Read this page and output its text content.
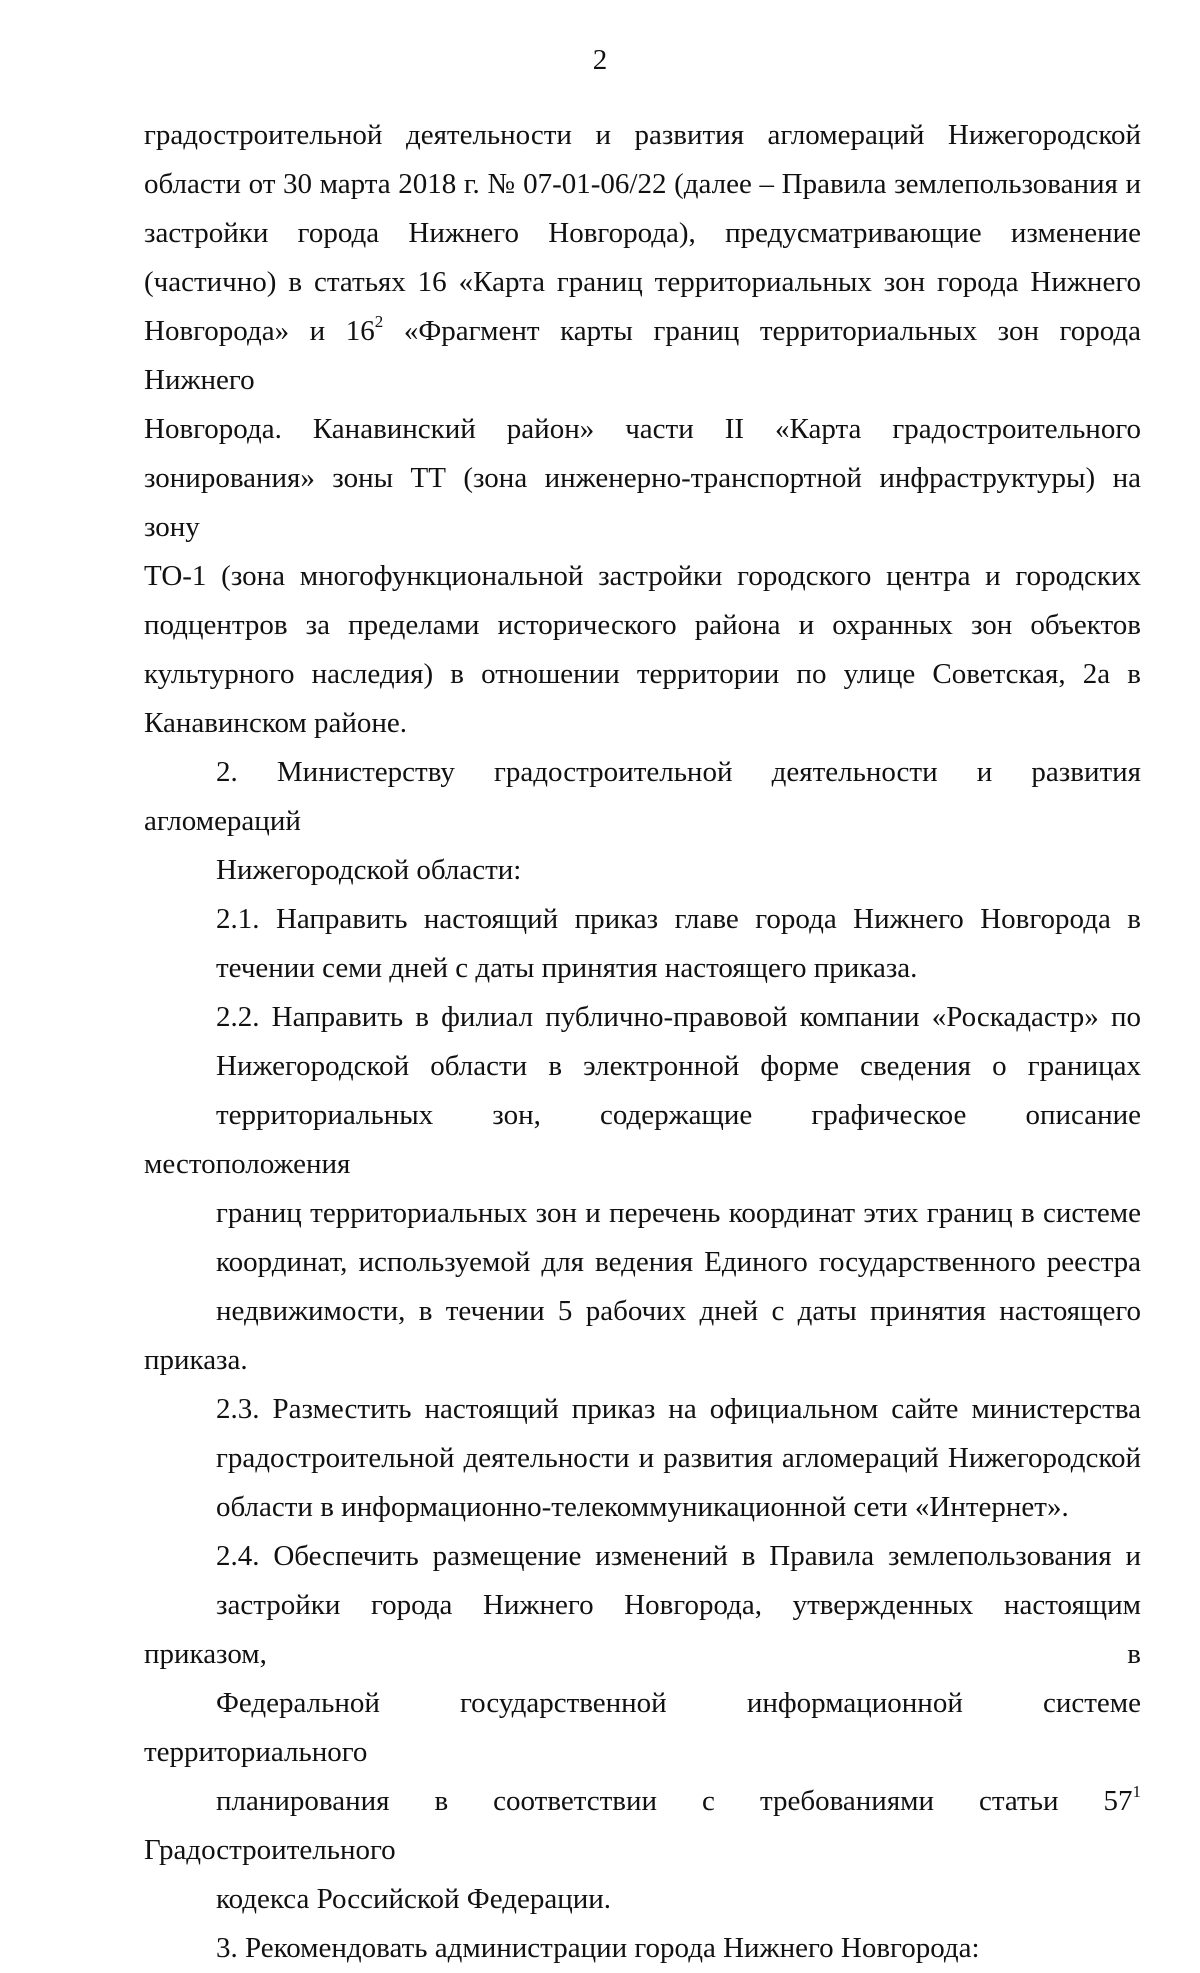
2

градостроительной деятельности и развития агломераций Нижегородской
области от 30 марта 2018 г. № 07-01-06/22 (далее – Правила землепользования и
застройки города Нижнего Новгорода), предусматривающие изменение
(частично) в статьях 16 «Карта границ территориальных зон города Нижнего
Новгорода» и $16^2$ «Фрагмент карты границ территориальных зон города Нижнего
Новгорода. Канавинский район» части II «Карта градостроительного
зонирования» зоны ТТ (зона инженерно-транспортной инфраструктуры) на зону
ТО-1 (зона многофункциональной застройки городского центра и городских
подцентров за пределами исторического района и охранных зон объектов
культурного наследия) в отношении территории по улице Советская, 2а в
Канавинском районе.

2. Министерству градостроительной деятельности и развития агломераций
Нижегородской области:

2.1. Направить настоящий приказ главе города Нижнего Новгорода в
течении семи дней с даты принятия настоящего приказа.

2.2. Направить в филиал публично-правовой компании «Роскадастр» по
Нижегородской области в электронной форме сведения о границах
территориальных зон, содержащие графическое описание местоположения
границ территориальных зон и перечень координат этих границ в системе
координат, используемой для ведения Единого государственного реестра
недвижимости, в течении 5 рабочих дней с даты принятия настоящего приказа.

2.3. Разместить настоящий приказ на официальном сайте министерства
градостроительной деятельности и развития агломераций Нижегородской
области в информационно-телекоммуникационной сети «Интернет».

2.4. Обеспечить размещение изменений в Правила землепользования и
застройки города Нижнего Новгорода, утвержденных настоящим приказом, в
Федеральной государственной информационной системе территориального
планирования в соответствии с требованиями статьи $57^1$ Градостроительного
кодекса Российской Федерации.

3. Рекомендовать администрации города Нижнего Новгорода:
